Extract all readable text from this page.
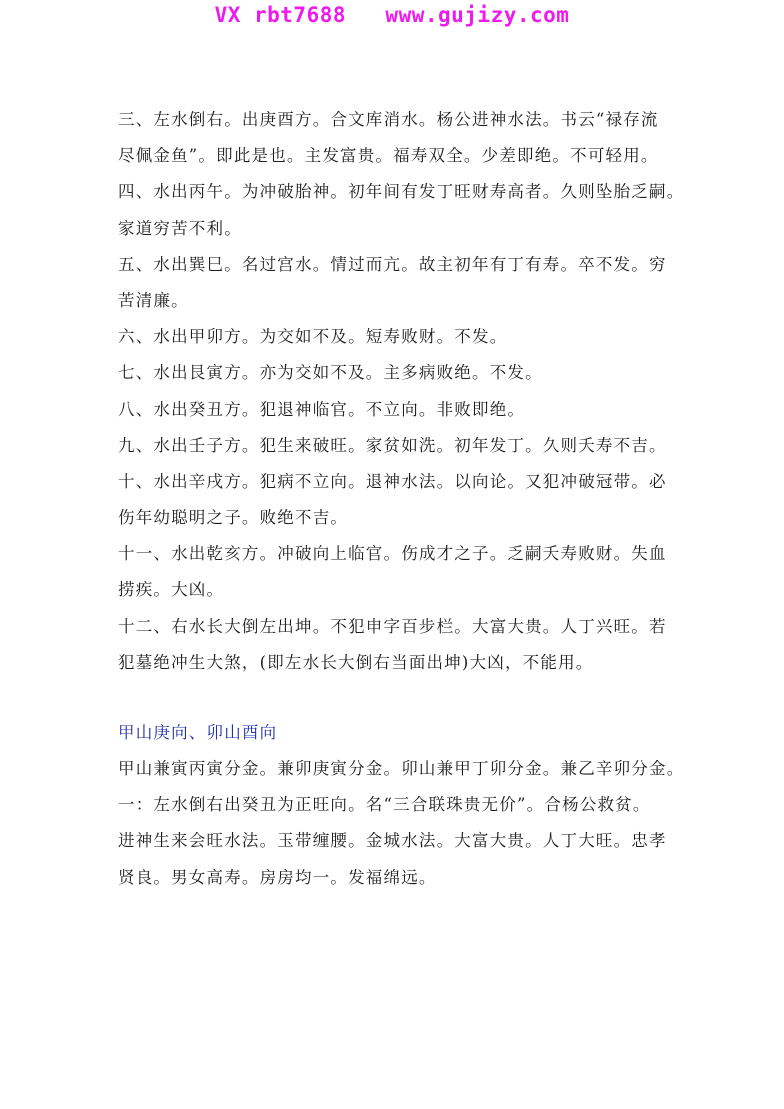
VX rbt7688   www.gujizy.com
三、左水倒右。出庚酉方。合文库消水。杨公进神水法。书云“禄存流
尽佩金鱼”。即此是也。主发富贵。福寿双全。少差即绝。不可轻用。
四、水出丙午。为冲破胎神。初年间有发丁旺财寿高者。久则坠胎乏嗣。
家道穷苦不利。
五、水出巽巳。名过宫水。情过而亢。故主初年有丁有寿。卒不发。穷
苦清廉。
六、水出甲卯方。为交如不及。短寿败财。不发。
七、水出艮寅方。亦为交如不及。主多病败绝。不发。
八、水出癸丑方。犯退神临官。不立向。非败即绝。
九、水出壬子方。犯生来破旺。家贫如洗。初年发丁。久则夭寿不吉。
十、水出辛戌方。犯病不立向。退神水法。以向论。又犯冲破冠带。必
伤年幼聪明之子。败绝不吉。
十一、水出乾亥方。冲破向上临官。伤成才之子。乏嗣夭寿败财。失血
捞疾。大凶。
十二、右水长大倒左出坤。不犯申字百步栏。大富大贵。人丁兴旺。若
犯墓绝冲生大煞，(即左水长大倒右当面出坤)大凶，不能用。
甲山庚向、卯山酉向
甲山兼寅丙寅分金。兼卯庚寅分金。卯山兼甲丁卯分金。兼乙辛卯分金。
一：左水倒右出癸丑为正旺向。名“三合联珠贵无价”。合杨公救贫。
进神生来会旺水法。玉带缠腰。金城水法。大富大贵。人丁大旺。忠孝
贤良。男女高寿。房房均一。发福绵远。
